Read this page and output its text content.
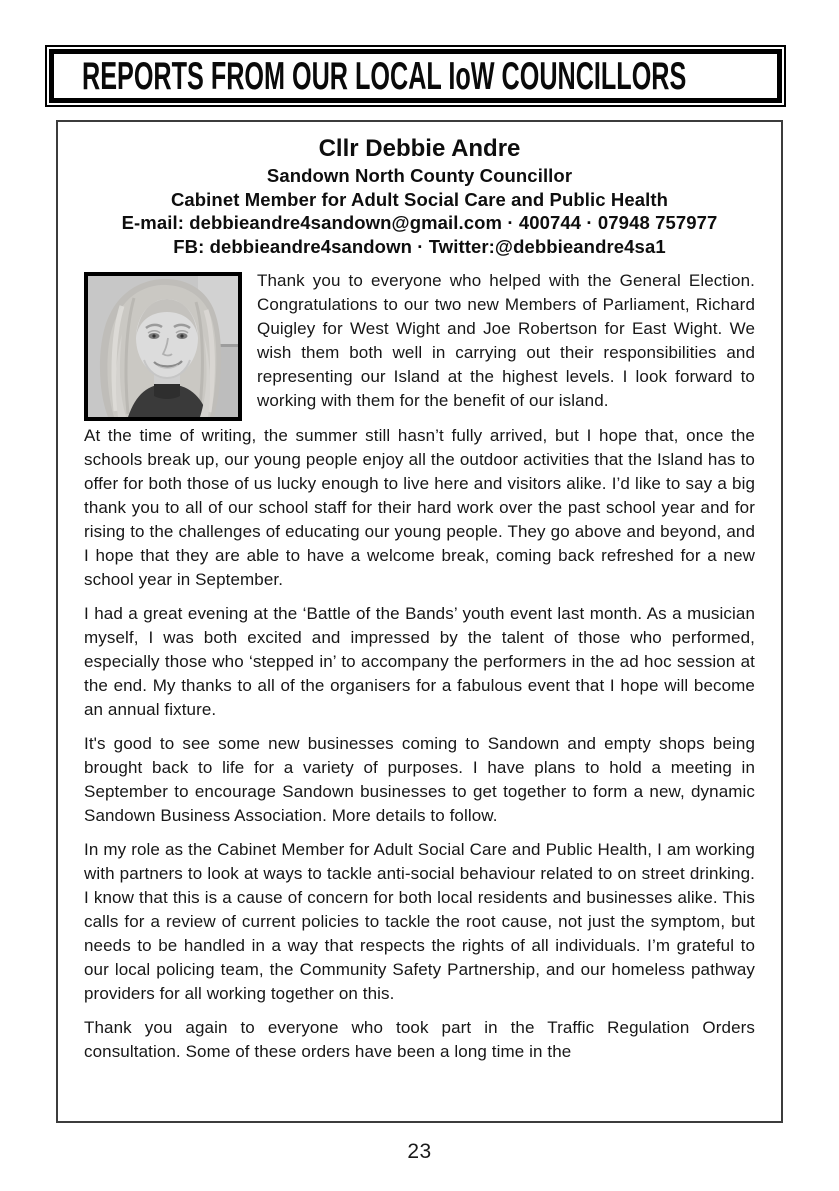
REPORTS FROM OUR LOCAL IoW COUNCILLORS
Cllr Debbie Andre
Sandown North County Councillor
Cabinet Member for Adult Social Care and Public Health
E-mail: debbieandre4sandown@gmail.com · 400744 · 07948 757977
FB: debbieandre4sandown · Twitter:@debbieandre4sa1

Thank you to everyone who helped with the General Election. Congratulations to our two new Members of Parliament, Richard Quigley for West Wight and Joe Robertson for East Wight. We wish them both well in carrying out their responsibilities and representing our Island at the highest levels. I look forward to working with them for the benefit of our island.

At the time of writing, the summer still hasn’t fully arrived, but I hope that, once the schools break up, our young people enjoy all the outdoor activities that the Island has to offer for both those of us lucky enough to live here and visitors alike. I’d like to say a big thank you to all of our school staff for their hard work over the past school year and for rising to the challenges of educating our young people. They go above and beyond, and I hope that they are able to have a welcome break, coming back refreshed for a new school year in September.

I had a great evening at the ‘Battle of the Bands’ youth event last month. As a musician myself, I was both excited and impressed by the talent of those who performed, especially those who ‘stepped in’ to accompany the performers in the ad hoc session at the end. My thanks to all of the organisers for a fabulous event that I hope will become an annual fixture.

It's good to see some new businesses coming to Sandown and empty shops being brought back to life for a variety of purposes. I have plans to hold a meeting in September to encourage Sandown businesses to get together to form a new, dynamic Sandown Business Association. More details to follow.

In my role as the Cabinet Member for Adult Social Care and Public Health, I am working with partners to look at ways to tackle anti-social behaviour related to on street drinking. I know that this is a cause of concern for both local residents and businesses alike. This calls for a review of current policies to tackle the root cause, not just the symptom, but needs to be handled in a way that respects the rights of all individuals. I’m grateful to our local policing team, the Community Safety Partnership, and our homeless pathway providers for all working together on this.

Thank you again to everyone who took part in the Traffic Regulation Orders consultation. Some of these orders have been a long time in the

23
